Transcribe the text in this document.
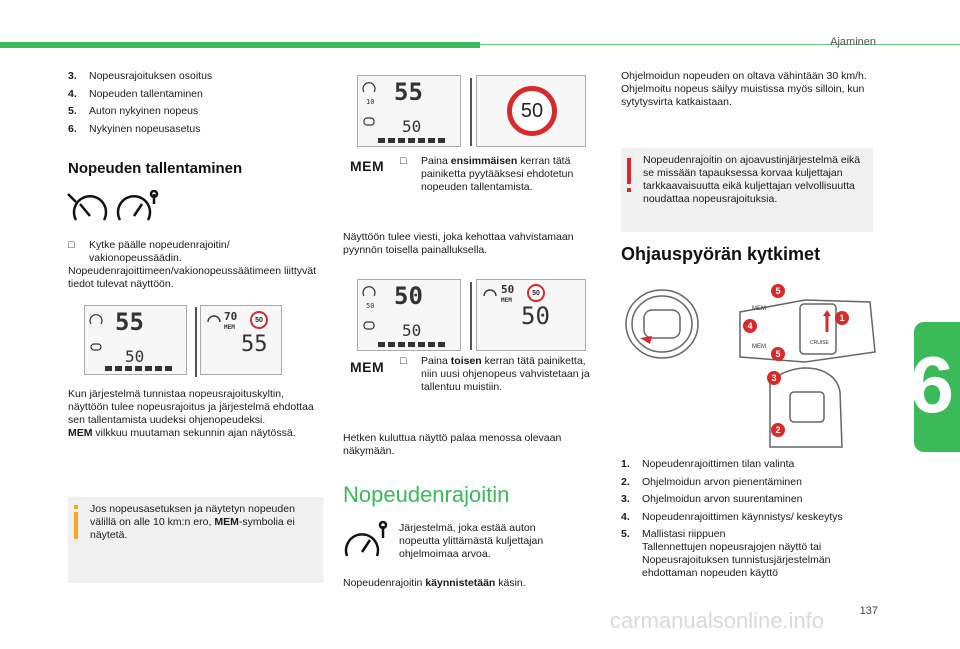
Ajaminen
6
3.	Nopeusrajoituksen osoitus
4.	Nopeuden tallentaminen
5.	Auton nykyinen nopeus
6.	Nykyinen nopeusasetus
Nopeuden tallentaminen
□ Kytke päälle nopeudenrajoitin/ vakionopeussäädin.
Nopeudenrajoittimeen/vakionopeussäätimeen liittyvät tiedot tulevat näyttöön.
55
50
70
MEM
50
55
Kun järjestelmä tunnistaa nopeusrajoituskyltin, näyttöön tulee nopeusrajoitus ja järjestelmä ehdottaa sen tallentamista uudeksi ohjenopeudeksi.
MEM vilkkuu muutaman sekunnin ajan näytössä.
Jos nopeusasetuksen ja näytetyn nopeuden välillä on alle 10 km:n ero, MEM-symbolia ei näytetä.
10 55
50
50
MEM □	Paina ensimmäisen kerran tätä painiketta pyytääksesi ehdotetun nopeuden tallentamista.
Näyttöön tulee viesti, joka kehottaa vahvistamaan pyynnön toisella painalluksella.
50 50
50
50
MEM
50
50
MEM □	Paina toisen kerran tätä painiketta, niin uusi ohjenopeus vahvistetaan ja tallentuu muistiin.
Hetken kuluttua näyttö palaa menossa olevaan näkymään.
Nopeudenrajoitin
Järjestelmä, joka estää auton nopeutta ylittämästä kuljettajan ohjelmoimaa arvoa.
Nopeudenrajoitin käynnistetään käsin.
Ohjelmoidun nopeuden on oltava vähintään 30 km/h.
Ohjelmoitu nopeus säilyy muistissa myös silloin, kun sytytysvirta katkaistaan.
Nopeudenrajoitin on ajoavustinjärjestelmä eikä se missään tapauksessa korvaa kuljettajan tarkkaavaisuutta eikä kuljettajan velvollisuutta noudattaa nopeusrajoituksia.
Ohjauspyörän kytkimet
MEM
MEM
CRUISE
5
1
4
5
3
2
1.	Nopeudenrajoittimen tilan valinta
2.	Ohjelmoidun arvon pienentäminen
3.	Ohjelmoidun arvon suurentaminen
4.	Nopeudenrajoittimen käynnistys/ keskeytys
5.	Mallistasi riippuen
Tallennettujen nopeusrajojen näyttö tai Nopeusrajoituksen tunnistusjärjestelmän ehdottaman nopeuden käyttö
137
carmanualsonline.info
